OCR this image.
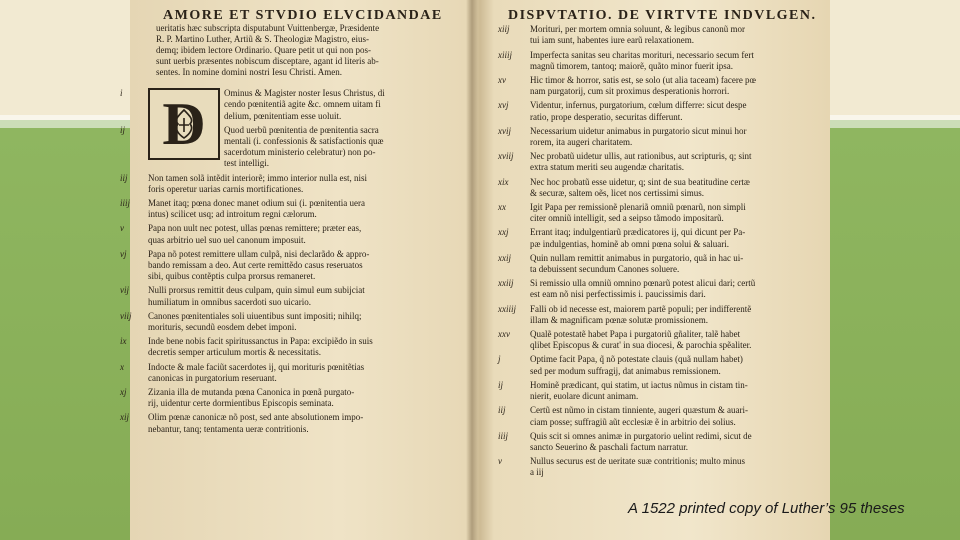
AMORE ET STVDIO ELVCIDANDAE
ueritatis hæc subscripta disputabunt Vuittenbergæ, Præsidente
R. P. Martino Luther, Artiũ & S. Theologiæ Magistro, eius-
demq; ibidem lectore Ordinario. Quare petit ut qui non pos-
sunt uerbis præsentes nobiscum disceptare, agant id literis ab-
sentes. In nomine domini nostri Iesu Christi. Amen.
i D	Ominus & Magister noster Iesus Christus, di
cendo pœnitentiã agite &c. omnem uitam fi
delium, pœnitentiam esse uoluit.
ij	Quod uerbũ pœnitentia de pœnitentia sacra
mentali (i. confessionis & satisfactionis quæ
sacerdotum ministerio celebratur) non po-
test intelligi.
iij	Non tamen solã intẽdit interiorẽ; immo interior nulla est, nisi
foris operetur uarias carnis mortificationes.
iiij	Manet itaq; pœna donec manet odium sui (i. pœnitentia uera
intus) scilicet usq; ad introitum regni cælorum.
v	Papa non uult nec potest, ullas pœnas remittere; præter eas,
quas arbitrio uel suo uel canonum imposuit.
vj	Papa nõ potest remittere ullam culpã, nisi declarãdo & appro-
bando remissam a deo. Aut certe remittẽdo casus reseruatos
sibi, quibus contẽptis culpa prorsus remaneret.
vij	Nulli prorsus remittit deus culpam, quin simul eum subijciat
humiliatum in omnibus sacerdoti suo uicario.
viij	Canones pœnitentiales soli uiuentibus sunt impositi; nihilq;
morituris, secundũ eosdem debet imponi.
ix	Inde bene nobis facit spiritussanctus in Papa: excipiẽdo in suis
decretis semper articulum mortis & necessitatis.
x	Indocte & male faciũt sacerdotes ij, qui morituris pœnitẽtias
canonicas in purgatorium reseruant.
xj	Zizania illa de mutanda pœna Canonica in pœnã purgato-
rij, uidentur certe dormientibus Episcopis seminata.
xij	Olim pœnæ canonicæ nõ post, sed ante absolutionem impo-
nebantur, tanq; tentamenta ueræ contritionis.
DISPVTATIO. DE VIRTVTE INDVLGEN.
xiij	Morituri, per mortem omnia soluunt, & legibus canonũ mor
tui iam sunt, habentes iure earũ relaxationem.
xiiij	Imperfecta sanitas seu charitas morituri, necessario secum fert
magnũ timorem, tantoq; maiorẽ, quãto minor fuerit ipsa.
xv	Hic timor & horror, satis est, se solo (ut alia taceam) facere pœ
nam purgatorij, cum sit proximus desperationis horrori.
xvj	Videntur, infernus, purgatorium, cœlum differre: sicut despe
ratio, prope desperatio, securitas differunt.
xvij	Necessarium uidetur animabus in purgatorio sicut minui hor
rorem, ita augeri charitatem.
xviij	Nec probatũ uidetur ullis, aut rationibus, aut scripturis, q; sint
extra statum meriti seu augendæ charitatis.
xix	Nec hoc probatũ esse uidetur, q; sint de sua beatitudine certæ
& securæ, saltem oẽs, licet nos certissimi simus.
xx	Igit Papa per remissionẽ plenariã omniũ pœnarũ, non simpli
citer omniũ intelligit, sed a seipso tãmodo impositarũ.
xxj	Errant itaq; indulgentiarũ prædicatores ij, qui dicunt per Pa-
pæ indulgentias, hominẽ ab omni pœna solui & saluari.
xxij	Quin nullam remittit animabus in purgatorio, quã in hac ui-
ta debuissent secundum Canones soluere.
xxiij	Si remissio ulla omniũ omnino pœnarũ potest alicui dari; certũ
est eam nõ nisi perfectissimis i. paucissimis dari.
xxiiij	Falli ob id necesse est, maiorem partẽ populi; per indifferentẽ
illam & magnificam pœnæ solutæ promissionem.
xxv	Qualẽ potestatẽ habet Papa i purgatoriũ gñaliter, talẽ habet
qlibet Episcopus & curat' in sua diocesi, & parochia spẽaliter.
j	Optime facit Papa, q̃ nõ potestate clauis (quã nullam habet)
sed per modum suffragij, dat animabus remissionem.
ij	Hominẽ prædicant, qui statim, ut iactus nũmus in cistam tin-
nierit, euolare dicunt animam.
iij	Certũ est nũmo in cistam tinniente, augeri quæstum & auari-
ciam posse; suffragiũ aũt ecclesiæ ẽ in arbitrio dei solius.
iiij	Quis scit si omnes animæ in purgatorio uelint redimi, sicut de
sancto Seuerino & paschali factum narratur.
v	Nullus securus est de ueritate suæ contritionis; multo minus
a iij
A 1522 printed copy of Luther’s 95 theses
